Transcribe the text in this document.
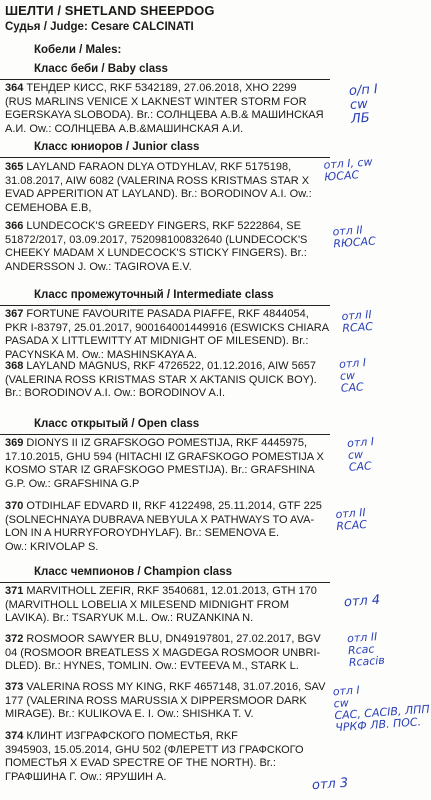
ШЕЛТИ / SHETLAND SHEEPDOG
Судья / Judge: Cesare CALCINATI
Кобели / Males:
Класс беби / Baby class
364 ТЕНДЕР КИСС, RKF 5342189, 27.06.2018, ХНО 2299
(RUS MARLINS VENICE X LAKNEST WINTER STORM FOR
EGERSKAYA SLOBODA). Br.: СОЛНЦЕВА А.В.& МАШИНСКАЯ
А.И. Ow.: СОЛНЦЕВА А.В.&МАШИНСКАЯ А.И.
о/п I
сw
ЛБ
Класс юниоров / Junior class
365 LAYLAND FARAON DLYA OTDYHLAV, RKF 5175198,
31.08.2017, AIW 6082 (VALERINA ROSS KRISTMAS STAR X
EVAD APPERITION AT LAYLAND). Br.: BORODINOV A.I. Ow.:
СЕМЕНОВА Е.В,
отл I, сw
ЮСАС
366 LUNDECOCK'S GREEDY FINGERS, RKF 5222864, SE
51872/2017, 03.09.2017, 752098100832640 (LUNDECOCK'S
CHEEKY MADAM X LUNDECOCK'S STICKY FINGERS). Br.:
ANDERSSON J. Ow.: TAGIROVA E.V.
отл II
RЮСАС
Класс промежуточный / Intermediate class
367 FORTUNE FAVOURITE PASADA PIAFFE, RKF 4844054,
PKR I-83797, 25.01.2017, 900164001449916 (ESWICKS CHIARA
PASADA X LITTLEWITTY AT MIDNIGHT OF MILESEND). Br.:
PACYNSKA M. Ow.: MASHINSKAYA A.
отл II
RCAC
368 LAYLAND MAGNUS, RKF 4726522, 01.12.2016, AIW 5657
(VALERINA ROSS KRISTMAS STAR X AKTANIS QUICK BOY).
Br.: BORODINOV A.I. Ow.: BORODINOV A.I.
отл I
сw
CAC
Класс открытый / Open class
369 DIONYS II IZ GRAFSKOGO POMESTIJA, RKF 4445975,
17.10.2015, GHU 594 (HITACHI IZ GRAFSKOGO POMESTIJA X
KOSMO STAR IZ GRAFSKOGO PMESTIJA). Br.: GRAFSHINA
G.P. Ow.: GRAFSHINA G.P
отл I
сw
САС
370 OTDIHLAF EDVARD II, RKF 4122498, 25.11.2014, GTF 225
(SOLNECHNAYA DUBRAVA NEBYULA X PATHWAYS TO AVA-
LON IN A HURRYFOROYDHYLAF). Br.: SEMENOVA E.
Ow.: KRIVOLAP S.
отл II
RCAC
Класс чемпионов / Champion class
371 MARVITHOLL ZEFIR, RKF 3540681, 12.01.2013, GTH 170
(MARVITHOLL LOBELIA X MILESEND MIDNIGHT FROM
LAVIKA). Br.: TSARYUK M.L. Ow.: RUZANKINA N.
отл 4
372 ROSMOOR SAWYER BLU, DN49197801, 27.02.2017, BGV
04 (ROSMOOR BREATLESS X MAGDEGA ROSMOOR UNBRI-
DLED). Br.: HYNES, TOMLIN. Ow.: EVTEEVA M., STARK L.
отл II
Rсас
Rсасів
373 VALERINA ROSS MY KING, RKF 4657148, 31.07.2016, SAV
177 (VALERINA ROSS MARUSSIA X DIPPERSMOOR DARK
MIRAGE). Br.: KULIKOVA E. I. Ow.: SHISHKA T. V.
отл I
сw
САС, САСІВ, ЛПП
ЧРКФ ЛВ. ПОС.
374 КЛИНТ ИЗГРАФСКОГО ПОМЕСТЬЯ, RKF
3945903, 15.05.2014, GHU 502 (ФЛЕРЕТТ ИЗ ГРАФСКОГО
ПОМЕСТЬЯ X EVAD SPECTRE OF THE NORTH). Br.:
ГРАФШИНА Г. Ow.: ЯРУШИН А.	отл 3
